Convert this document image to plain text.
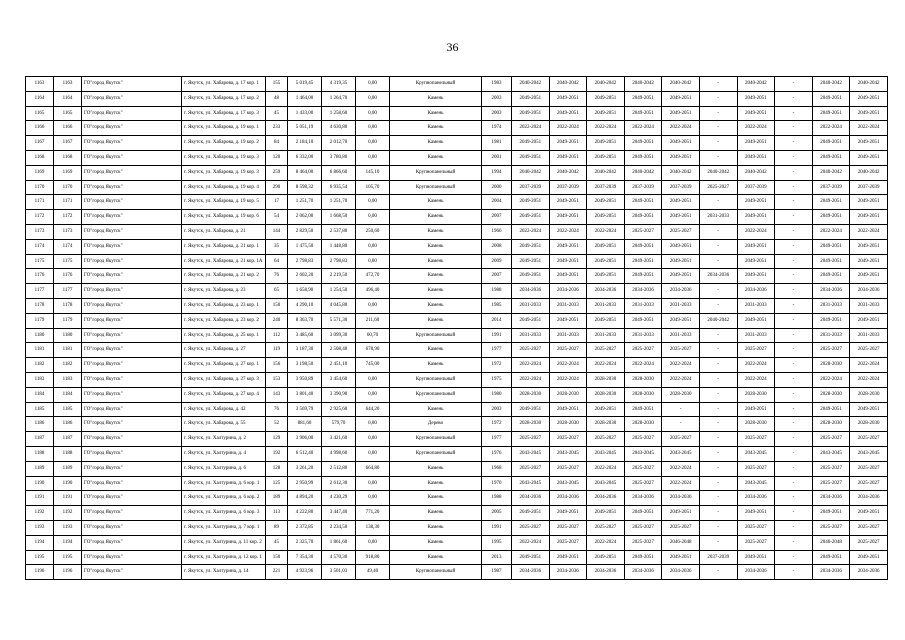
36
1163	1163	ГО"город Якутск"	г. Якутск, ул. Хабарова, д. 17 кор. 1	155	5 019,45	4 319,35	0,00	Крупнопанельный	1983	2040-2042	2040-2042	2040-2042	2040-2042	2040-2042	-	2040-2042	-	2040-2042	2040-2042
1164	1164	ГО"город Якутск"	г. Якутск, ул. Хабарова, д. 17 кор. 2	48	1 464,00	1 264,70	0,00	Камень	2003	2049-2051	2049-2051	2049-2051	2049-2051	2049-2051	-	2049-2051	-	2049-2051	2049-2051
1165	1165	ГО"город Якутск"	г. Якутск, ул. Хабарова, д. 17 кор. 3	45	1 433,00	1 258,60	0,00	Камень	2003	2049-2051	2049-2051	2049-2051	2049-2051	2049-2051	-	2049-2051	-	2049-2051	2049-2051
1166	1166	ГО"город Якутск"	г. Якутск, ул. Хабарова, д. 19 кор. 1	233	5 051,19	4 630,80	0,00	Камень	1974	2022-2024	2022-2024	2022-2024	2022-2024	2022-2024	-	2022-2024	-	2022-2024	2022-2024
1167	1167	ГО"город Якутск"	г. Якутск, ул. Хабарова, д. 19 кор. 2	84	2 184,10	2 012,70	0,00	Камень	1981	2049-2051	2049-2051	2049-2051	2049-2051	2049-2051	-	2049-2051	-	2049-2051	2049-2051
1168	1168	ГО"город Якутск"	г. Якутск, ул. Хабарова, д. 19 кор. 3	120	6 332,00	3 780,80	0,00	Камень	2001	2049-2051	2049-2051	2049-2051	2049-2051	2049-2051	-	2049-2051	-	2049-2051	2049-2051
1169	1169	ГО"город Якутск"	г. Якутск, ул. Хабарова, д. 19 кор. 3	259	8 464,00	6 866,60	145,10	Крупнопанельный	1994	2040-2042	2040-2042	2040-2042	2040-2042	2040-2042	2040-2042	2040-2042	-	2040-2042	2040-2042
1170	1170	ГО"город Якутск"	г. Якутск, ул. Хабарова, д. 19 кор. 4	290	8 598,32	6 935,54	105,70	Крупнопанельный	2000	2037-2039	2037-2039	2037-2039	2037-2039	2037-2039	2025-2027	2037-2039	-	2037-2039	2037-2039
1171	1171	ГО"город Якутск"	г. Якутск, ул. Хабарова, д. 19 кор. 5	17	1 251,70	1 251,70	0,00	Камень	2004	2049-2051	2049-2051	2049-2051	2049-2051	2049-2051	-	2049-2051	-	2049-2051	2049-2051
1172	1172	ГО"город Якутск"	г. Якутск, ул. Хабарова, д. 19 кор. 6	54	2 062,00	1 668,50	0,00	Камень	2007	2049-2051	2049-2051	2049-2051	2049-2051	2049-2051	2031-2033	2049-2051	-	2049-2051	2049-2051
1173	1173	ГО"город Якутск"	г. Якутск, ул. Хабарова, д. 21	144	2 829,50	2 537,80	250,60	Камень	1966	2022-2024	2022-2024	2022-2024	2025-2027	2025-2027	-	2022-2024	-	2022-2024	2022-2024
1174	1174	ГО"город Якутск"	г. Якутск, ул. Хабарова, д. 21 кор. 1	35	1 475,50	1 448,80	0,00	Камень	2008	2049-2051	2049-2051	2049-2051	2049-2051	2049-2051	-	2049-2051	-	2049-2051	2049-2051
1175	1175	ГО"город Якутск"	г. Якутск, ул. Хабарова, д. 21 кор. 1А	64	2 798,83	2 798,83	0,00	Камень	2009	2049-2051	2049-2051	2049-2051	2049-2051	2049-2051	-	2049-2051	-	2049-2051	2049-2051
1176	1176	ГО"город Якутск"	г. Якутск, ул. Хабарова, д. 21 кор. 2	76	2 602,20	2 219,50	472,70	Камень	2007	2049-2051	2049-2051	2049-2051	2049-2051	2049-2051	2034-2036	2049-2051	-	2049-2051	2049-2051
1177	1177	ГО"город Якутск"	г. Якутск, ул. Хабарова, д. 23	65	1 658,90	1 254,50	496,40	Камень	1988	2034-2036	2034-2036	2034-2036	2034-2036	2034-2036	-	2034-2036	-	2034-2036	2034-2036
1178	1178	ГО"город Якутск"	г. Якутск, ул. Хабарова, д. 23 кор. 1	150	4 290,10	4 045,80	0,00	Камень	1985	2031-2033	2031-2033	2031-2033	2031-2033	2031-2033	-	2031-2033	-	2031-2033	2031-2033
1179	1179	ГО"город Якутск"	г. Якутск, ул. Хабарова, д. 23 кор. 2	240	8 363,70	5 571,30	211,60	Камень	2014	2049-2051	2049-2051	2049-2051	2049-2051	2049-2051	2040-2042	2049-2051	-	2049-2051	2049-2051
1180	1180	ГО"город Якутск"	г. Якутск, ул. Хабарова, д. 25 кор. 1	112	3 485,60	3 099,30	60,70	Крупнопанельный	1991	2031-2033	2031-2033	2031-2033	2031-2033	2031-2033	-	2031-2033	-	2031-2033	2031-2033
1181	1181	ГО"город Якутск"	г. Якутск, ул. Хабарова, д. 27	119	3 187,30	2 508,40	678,90	Камень	1977	2025-2027	2025-2027	2025-2027	2025-2027	2025-2027	-	2025-2027	-	2025-2027	2025-2027
1182	1182	ГО"город Якутск"	г. Якутск, ул. Хабарова, д. 27 кор. 1	156	3 198,50	2 451,10	745,00	Камень	1972	2022-2024	2022-2024	2022-2024	2022-2024	2022-2024	-	2022-2024	-	2028-2030	2022-2024
1183	1183	ГО"город Якутск"	г. Якутск, ул. Хабарова, д. 27 кор. 3	153	3 950,89	3 454,60	0,00	Крупнопанельный	1975	2022-2024	2022-2024	2028-2030	2028-2030	2022-2024	-	2022-2024	-	2022-2024	2022-2024
1184	1184	ГО"город Якутск"	г. Якутск, ул. Хабарова, д. 27 кор. 4	143	3 801,40	3 390,90	0,00	Крупнопанельный	1980	2028-2030	2028-2030	2028-2030	2028-2030	2028-2030	-	2028-2030	-	2028-2030	2028-2030
1185	1185	ГО"город Якутск"	г. Якутск, ул. Хабарова, д. 42	76	3 569,79	2 925,60	644,20	Камень	2003	2049-2051	2049-2051	2049-2051	2049-2051	-	-	2049-2051	-	2049-2051	2049-2051
1186	1186	ГО"город Якутск"	г. Якутск, ул. Хабарова, д. 55	52	881,60	579,70	0,00	Дерево	1972	2028-2030	2028-2030	2028-2030	2028-2030	-	-	2028-2030	-	2028-2030	2028-2030
1187	1187	ГО"город Якутск"	г. Якутск, ул. Халтурина, д. 2	129	3 906,00	3 421,60	0,00	Крупнопанельный	1977	2025-2027	2025-2027	2025-2027	2025-2027	2025-2027	-	2025-2027	-	2025-2027	2025-2027
1188	1188	ГО"город Якутск"	г. Якутск, ул. Халтурина, д. 4	192	6 512,40	4 998,60	0,00	Крупнопанельный	1976	2043-2045	2043-2045	2043-2045	2043-2045	2043-2045	-	2043-2045	-	2043-2045	2043-2045
1189	1189	ГО"город Якутск"	г. Якутск, ул. Халтурина, д. 6	128	3 261,20	2 512,80	664,80	Камень	1968	2025-2027	2025-2027	2022-2024	2025-2027	2022-2024	-	2025-2027	-	2025-2027	2025-2027
1190	1190	ГО"город Якутск"	г. Якутск, ул. Халтурина, д. 6 кор. 1	125	2 950,99	2 612,30	0,00	Камень	1970	2043-2045	2043-2045	2043-2045	2025-2027	2022-2024	-	2043-2045	-	2025-2027	2025-2027
1191	1191	ГО"город Якутск"	г. Якутск, ул. Халтурина, д. 6 кор. 2	189	4 894,20	4 230,29	0,00	Камень	1988	2034-2036	2034-2036	2034-2036	2034-2036	2034-2036	-	2034-2036	-	2034-2036	2034-2036
1192	1192	ГО"город Якутск"	г. Якутск, ул. Халтурина, д. 6 кор. 3	113	4 222,80	3 447,40	771,20	Камень	2005	2049-2051	2049-2051	2049-2051	2049-2051	2049-2051	-	2049-2051	-	2049-2051	2049-2051
1193	1193	ГО"город Якутск"	г. Якутск, ул. Халтурина, д. 7 кор. 1	89	2 372,85	2 234,50	138,30	Камень	1991	2025-2027	2025-2027	2025-2027	2025-2027	2025-2027	-	2025-2027	-	2025-2027	2025-2027
1194	1194	ГО"город Якутск"	г. Якутск, ул. Халтурина, д. 11 кор. 2	45	2 325,70	1 861,60	0,00	Камень	1995	2022-2024	2025-2027	2022-2024	2025-2027	2046-2048	-	2025-2027	-	2046-2048	2025-2027
1195	1195	ГО"город Якутск"	г. Якутск, ул. Халтурина, д. 12 кор. 1	150	7 354,30	4 570,30	918,80	Камень	2013	2049-2051	2049-2051	2049-2051	2049-2051	2049-2051	2037-2039	2049-2051	-	2049-2051	2049-2051
1196	1196	ГО"город Якутск"	г. Якутск, ул. Халтурина, д. 14	221	4 923,96	3 501,03	49,40	Крупнопанельный	1987	2034-2036	2034-2036	2034-2036	2034-2036	2034-2036	-	2034-2036	-	2034-2036	2034-2036
